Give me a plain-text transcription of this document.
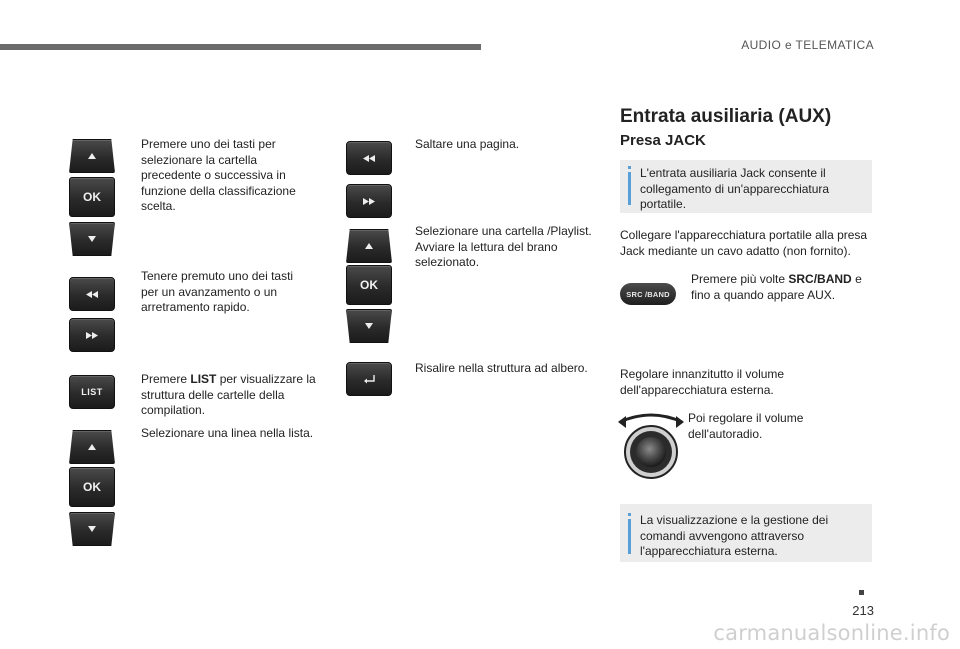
AUDIO e TELEMATICA
OK
LIST
OK
Premere uno dei tasti per selezionare la cartella precedente o successiva in funzione della classificazione scelta.
Tenere premuto uno dei tasti per un avanzamento o un arretramento rapido.
Premere LIST per visualizzare la struttura delle cartelle della compilation.
Selezionare una linea nella lista.
OK
Saltare una pagina.
Selezionare una cartella /Playlist. Avviare la lettura del brano selezionato.
Risalire nella struttura ad albero.
Entrata ausiliaria (AUX)
Presa JACK
L'entrata ausiliaria Jack consente il collegamento di un'apparecchiatura portatile.
Collegare l'apparecchiatura portatile alla presa Jack mediante un cavo adatto (non fornito).
SRC /BAND
Premere più volte SRC/BAND e fino a quando appare AUX.
Regolare innanzitutto il volume dell'apparecchiatura esterna.
Poi regolare il volume dell'autoradio.
La visualizzazione e la gestione dei comandi avvengono attraverso l'apparecchiatura esterna.
213
carmanualsonline.info
